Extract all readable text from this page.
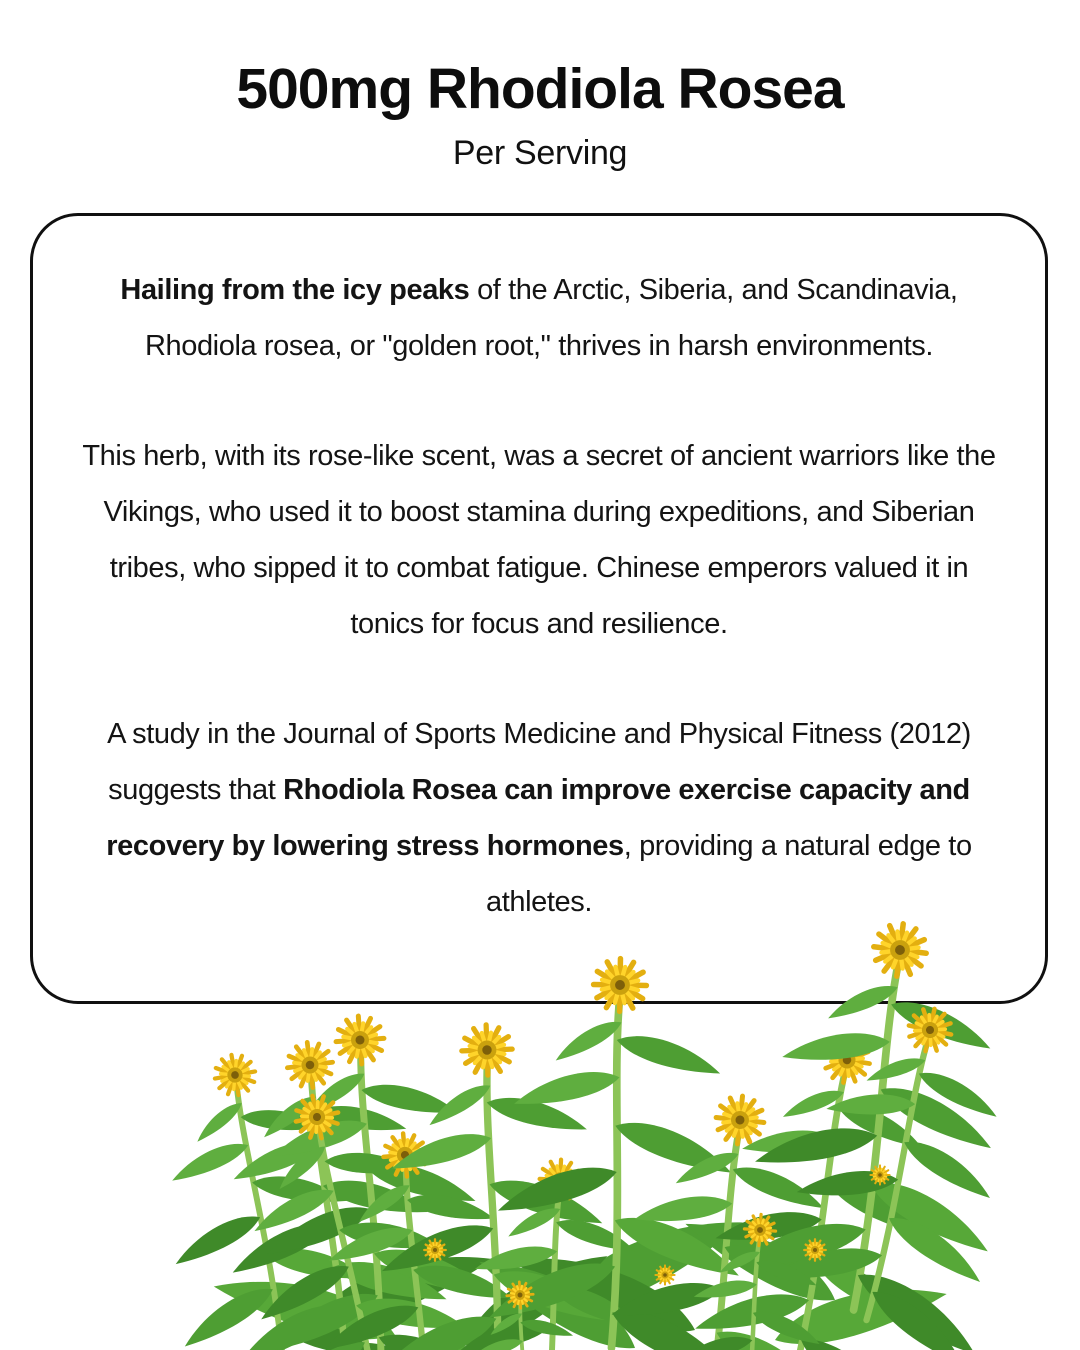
500mg Rhodiola Rosea
Per Serving

Hailing from the icy peaks of the Arctic, Siberia, and Scandinavia, Rhodiola rosea, or "golden root," thrives in harsh environments.

This herb, with its rose-like scent, was a secret of ancient warriors like the Vikings, who used it to boost stamina during expeditions, and Siberian tribes, who sipped it to combat fatigue. Chinese emperors valued it in tonics for focus and resilience.

A study in the Journal of Sports Medicine and Physical Fitness (2012) suggests that Rhodiola Rosea can improve exercise capacity and recovery by lowering stress hormones, providing a natural edge to athletes.
